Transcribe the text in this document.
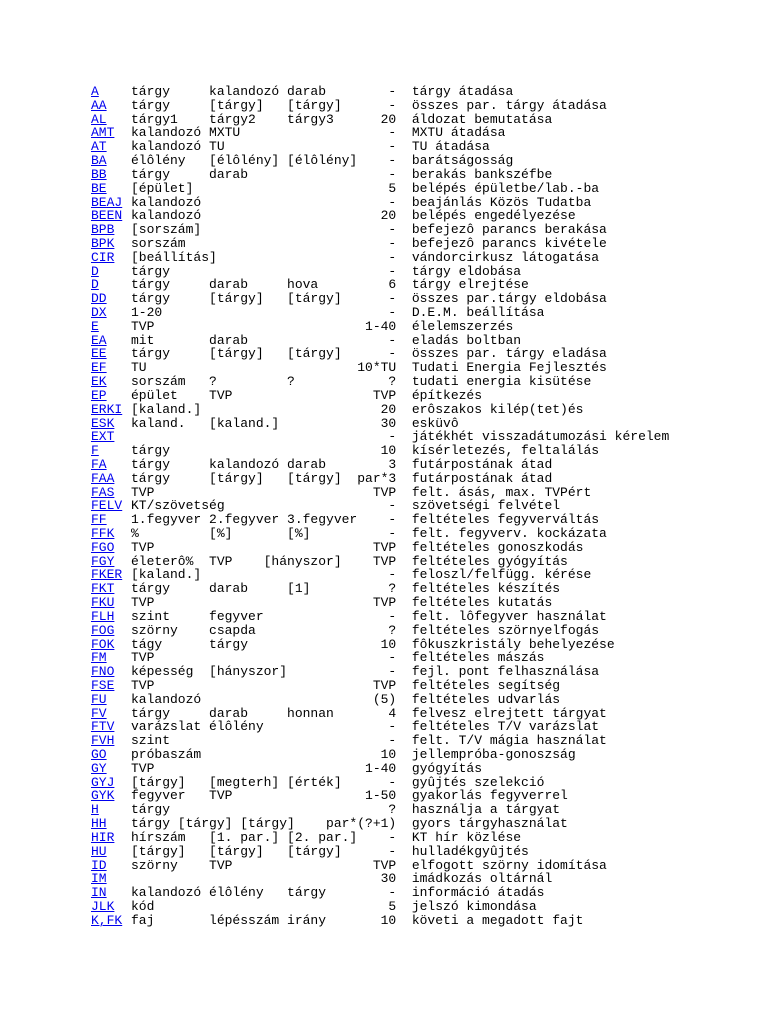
A	tárgy     kalandozó darab	- tárgy átadása
AA	tárgy     [tárgy]   [tárgy]	- összes par. tárgy átadása
AL	tárgy1    tárgy2    tárgy3	20 áldozat bemutatása
AMT	kalandozó MXTU	- MXTU átadása
AT	kalandozó TU	- TU átadása
BA	élôlény   [élôlény] [élôlény] - barátságosság
BB	tárgy     darab	- berakás bankszéfbe
BE	[épület]	5 belépés épületbe/lab.-ba
BEAJ kalandozó	- beajánlás Közös Tudatba
BEEN kalandozó	20 belépés engedélyezése
BPB	[sorszám]	- befejezô parancs berakása
BPK	sorszám	- befejezô parancs kivétele
CIR	[beállítás]	- vándorcirkusz látogatása
D	tárgy	- tárgy eldobása
D	tárgy     darab     hova	6 tárgy elrejtése
DD	tárgy     [tárgy]   [tárgy]	- összes par.tárgy eldobása
DX	1-20	- D.E.M. beállítása
E	TVP	1-40 élelemszerzés
EA	mit       darab	- eladás boltban
EE	tárgy     [tárgy]   [tárgy]	- összes par. tárgy eladása
EF	TU	10*TU Tudati Energia Fejlesztés
EK	sorszám   ?         ?	? tudati energia kisütése
EP	épület    TVP	TVP építkezés
ERKI [kaland.]	20 erôszakos kilép(tet)és
ESK	kaland.   [kaland.]	30 esküvô
EXT	- játékhét visszadátumozási kérelem
F	tárgy	10 kísérletezés, feltalálás
FA	tárgy     kalandozó darab	3 futárpostának átad
FAA	tárgy     [tárgy]   [tárgy] par*3 futárpostának átad
FAS	TVP	TVP felt. ásás, max. TVPért
FELV KT/szövetség	- szövetségi felvétel
FF	1.fegyver 2.fegyver 3.fegyver - feltételes fegyverváltás
FFK	%         [%]       [%]	- felt. fegyverv. kockázata
FGO	TVP	TVP feltételes gonoszkodás
FGY	életerô%  TVP    [hányszor] TVP feltételes gyógyítás
FKER [kaland.]	- feloszl/felfügg. kérése
FKT	tárgy     darab     [1]	? feltételes készítés
FKU	TVP	TVP feltételes kutatás
FLH	szint     fegyver	- felt. lôfegyver használat
FOG	szörny    csapda	? feltételes szörnyelfogás
FOK	tágy      tárgy	10 fôkuszkristály behelyezése
FM	TVP	- feltételes mászás
FNO	képesség  [hányszor]	- fejl. pont felhasználása
FSE	TVP	TVP feltételes segítség
FU	kalandozó	(5) feltételes udvarlás
FV	tárgy     darab     honnan	4 felvesz elrejtett tárgyat
FTV	varázslat élôlény	- feltételes T/V varázslat
FVH	szint	- felt. T/V mágia használat
GO	próbaszám	10 jellempróba-gonoszság
GY	TVP	1-40 gyógyítás
GYJ	[tárgy]   [megterh] [érték]	- gyûjtés szelekció
GYK	fegyver   TVP	1-50 gyakorlás fegyverrel
H	tárgy	? használja a tárgyat
HH	tárgy [tárgy] [tárgy] par*(?+1) gyors tárgyhasználat
HIR	hírszám   [1. par.] [2. par.] - KT hír közlése
HU	[tárgy]   [tárgy]   [tárgy]	- hulladékgyûjtés
ID	szörny    TVP	TVP elfogott szörny idomítása
IM	30 imádkozás oltárnál
IN	kalandozó élôlény   tárgy	- információ átadás
JLK	kód	5 jelszó kimondása
K,FK faj       lépésszám irány	10 követi a megadott fajt
